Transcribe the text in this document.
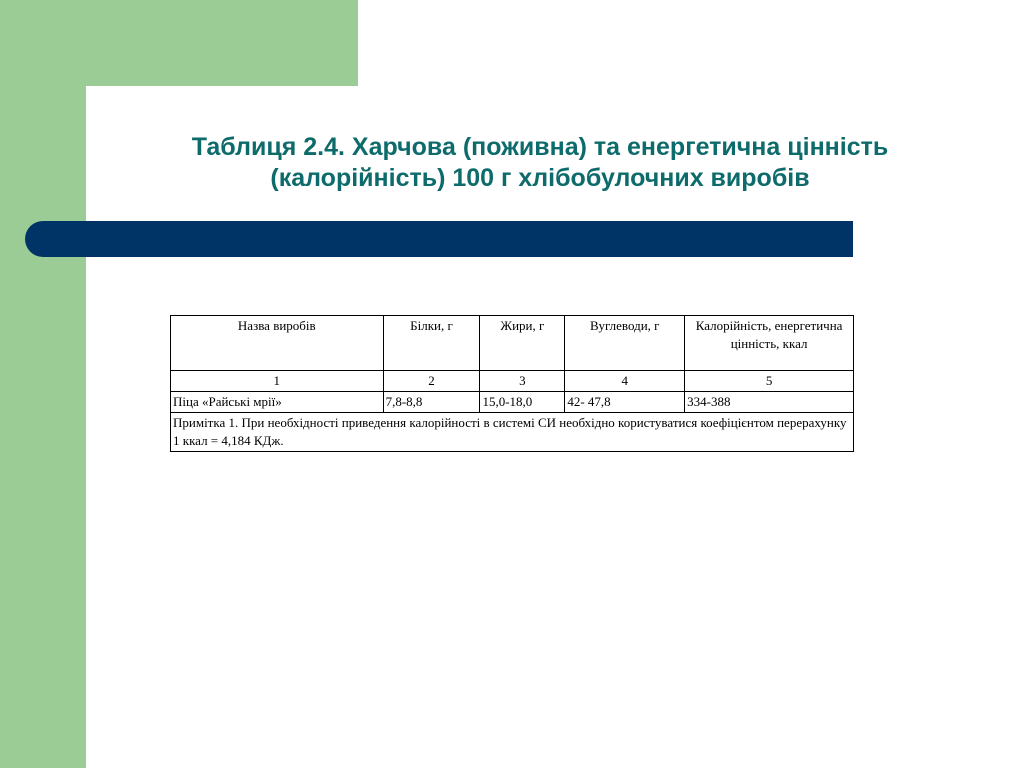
Таблиця 2.4. Харчова (поживна) та енергетична цінність
(калорійність) 100 г хлібобулочних виробів
Назва виробів	Білки, г	Жири, г	Вуглеводи, г	Калорійність, енергетична цінність, ккал
1	2	3	4	5
Піца «Райські мрії»	7,8-8,8	15,0-18,0	42- 47,8	334-388
Примітка 1. При необхідності приведення калорійності в системі СИ необхідно користуватися коефіцієнтом перерахунку 1 ккал = 4,184 КДж.				
